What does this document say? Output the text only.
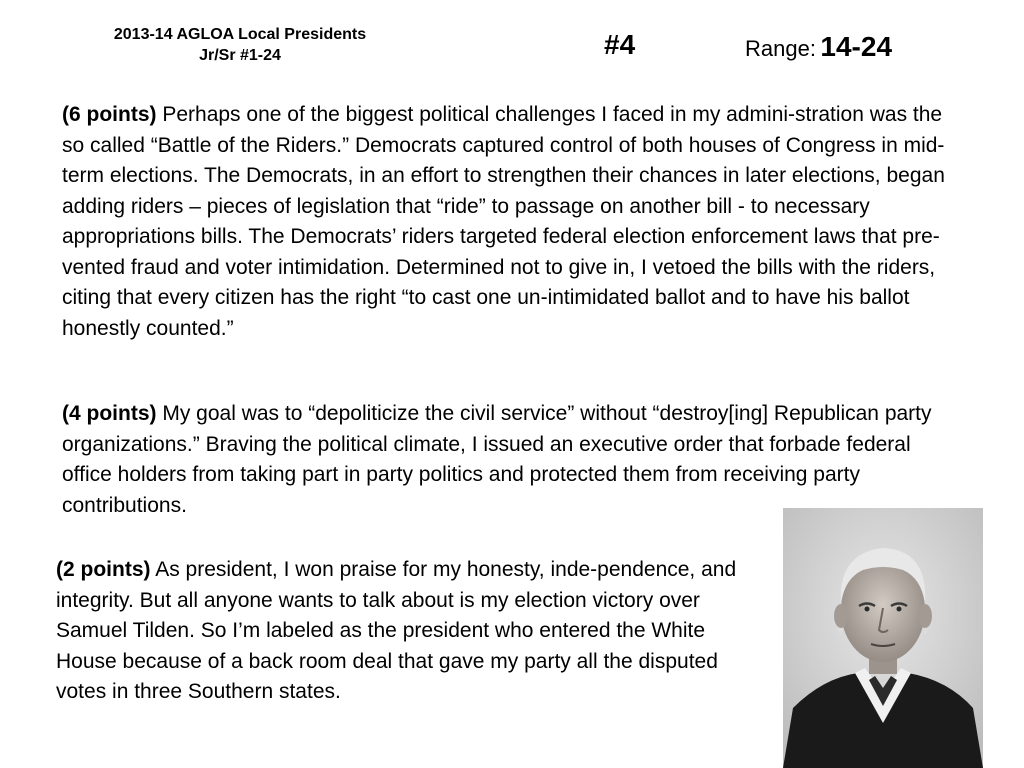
2013-14 AGLOA Local Presidents
Jr/Sr #1-24	#4	Range: 14-24
(6 points) Perhaps one of the biggest political challenges I faced in my admini-stration was the so called “Battle of the Riders.” Democrats captured control of both houses of Congress in mid-term elections. The Democrats, in an effort to strengthen their chances in later elections, began adding riders – pieces of legislation that “ride” to passage on another bill - to necessary appropriations bills. The Democrats’ riders targeted federal election enforcement laws that pre-vented fraud and voter intimidation. Determined not to give in, I vetoed the bills with the riders, citing that every citizen has the right “to cast one un-intimidated ballot and to have his ballot honestly counted.”
(4 points) My goal was to “depoliticize the civil service” without “destroy[ing] Republican party organizations.” Braving the political climate, I issued an executive order that forbade federal office holders from taking part in party politics and protected them from receiving party contributions.
(2 points) As president, I won praise for my honesty, inde-pendence, and integrity. But all anyone wants to talk about is my election victory over Samuel Tilden. So I’m labeled as the president who entered the White House because of a back room deal that gave my party all the disputed votes in three Southern states.
